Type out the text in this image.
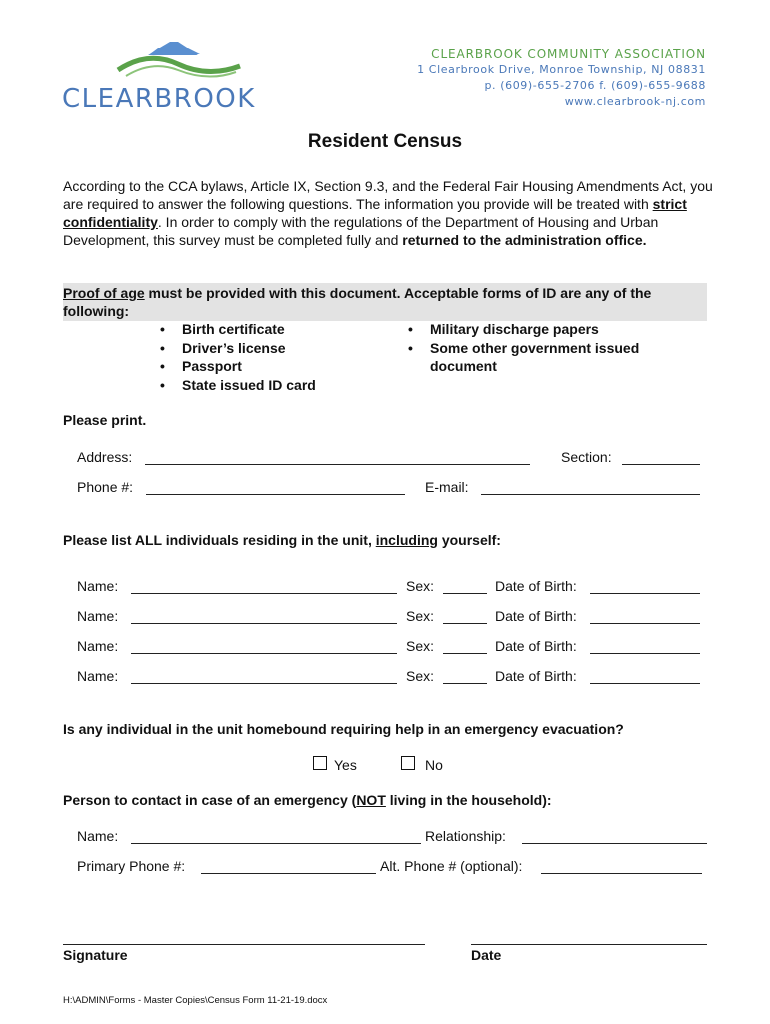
CLEARBROOK
CLEARBROOK COMMUNITY ASSOCIATION
1 Clearbrook Drive, Monroe Township, NJ 08831
p. (609)-655-2706 f. (609)-655-9688
www.clearbrook-nj.com
Resident Census
According to the CCA bylaws, Article IX, Section 9.3, and the Federal Fair Housing Amendments Act, you are required to answer the following questions. The information you provide will be treated with strict confidentiality. In order to comply with the regulations of the Department of Housing and Urban Development, this survey must be completed fully and returned to the administration office.
Proof of age must be provided with this document. Acceptable forms of ID are any of the
following:
• Birth certificate
• Driver’s license
• Passport
• State issued ID card
• Military discharge papers
• Some other government issued document
Please print.
Address:	Section:
Phone #:	E-mail:
Please list ALL individuals residing in the unit, including yourself:
Name:	Sex:	Date of Birth:
Name:	Sex:	Date of Birth:
Name:	Sex:	Date of Birth:
Name:	Sex:	Date of Birth:
Is any individual in the unit homebound requiring help in an emergency evacuation?
Yes	No
Person to contact in case of an emergency (NOT living in the household):
Name:	Relationship:
Primary Phone #:	Alt. Phone # (optional):
Signature	Date
H:\ADMIN\Forms - Master Copies\Census Form 11-21-19.docx
